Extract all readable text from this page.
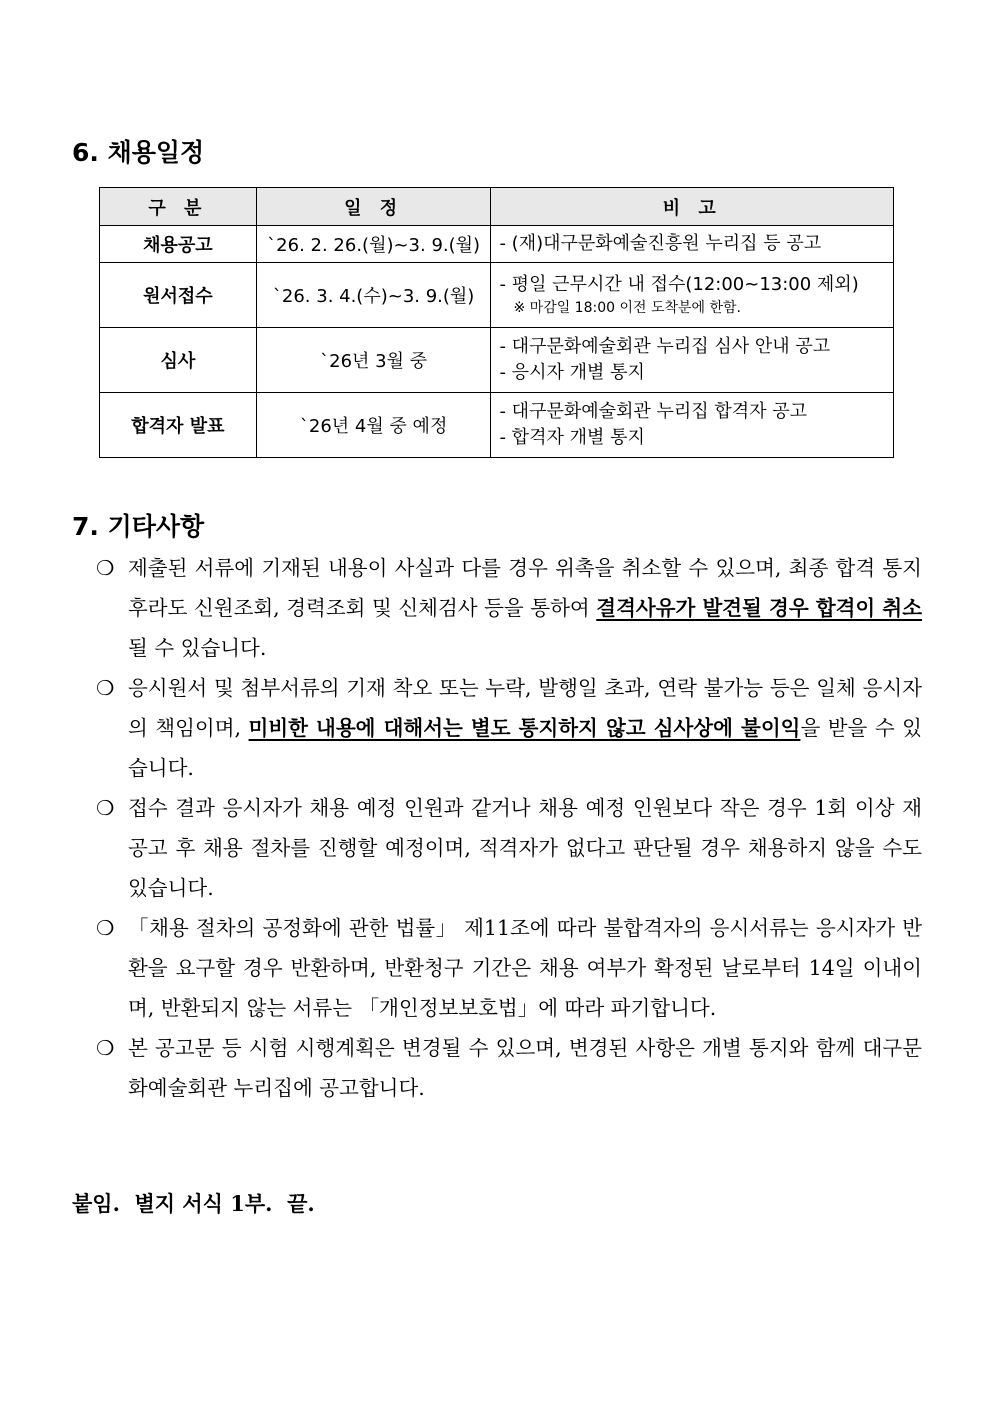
6. 채용일정
구 분	일 정	비 고
채용공고	`26. 2. 26.(월)~3. 9.(월)	- (재)대구문화예술진흥원 누리집 등 공고

원서접수	`26. 3. 4.(수)~3. 9.(월)	- 평일 근무시간 내 접수(12:00~13:00 제외)
※ 마감일 18:00 이전 도착분에 한함.

심사	`26년 3월 중	- 대구문화예술회관 누리집 심사 안내 공고
- 응시자 개별 통지

합격자 발표	`26년 4월 중 예정	- 대구문화예술회관 누리집 합격자 공고
- 합격자 개별 통지
7. 기타사항
❍ 제출된 서류에 기재된 내용이 사실과 다를 경우 위촉을 취소할 수 있으며, 최종 합격 통지 후라도 신원조회, 경력조회 및 신체검사 등을 통하여 결격사유가 발견될 경우 합격이 취소될 수 있습니다.
❍ 응시원서 및 첨부서류의 기재 착오 또는 누락, 발행일 초과, 연락 불가능 등은 일체 응시자의 책임이며, 미비한 내용에 대해서는 별도 통지하지 않고 심사상에 불이익을 받을 수 있습니다.
❍ 접수 결과 응시자가 채용 예정 인원과 같거나 채용 예정 인원보다 작은 경우 1회 이상 재공고 후 채용 절차를 진행할 예정이며, 적격자가 없다고 판단될 경우 채용하지 않을 수도 있습니다.
❍ 「채용 절차의 공정화에 관한 법률」 제11조에 따라 불합격자의 응시서류는 응시자가 반환을 요구할 경우 반환하며, 반환청구 기간은 채용 여부가 확정된 날로부터 14일 이내이며, 반환되지 않는 서류는 「개인정보보호법」에 따라 파기합니다.
❍ 본 공고문 등 시험 시행계획은 변경될 수 있으며, 변경된 사항은 개별 통지와 함께 대구문화예술회관 누리집에 공고합니다.
붙임.  별지 서식 1부.  끝.
